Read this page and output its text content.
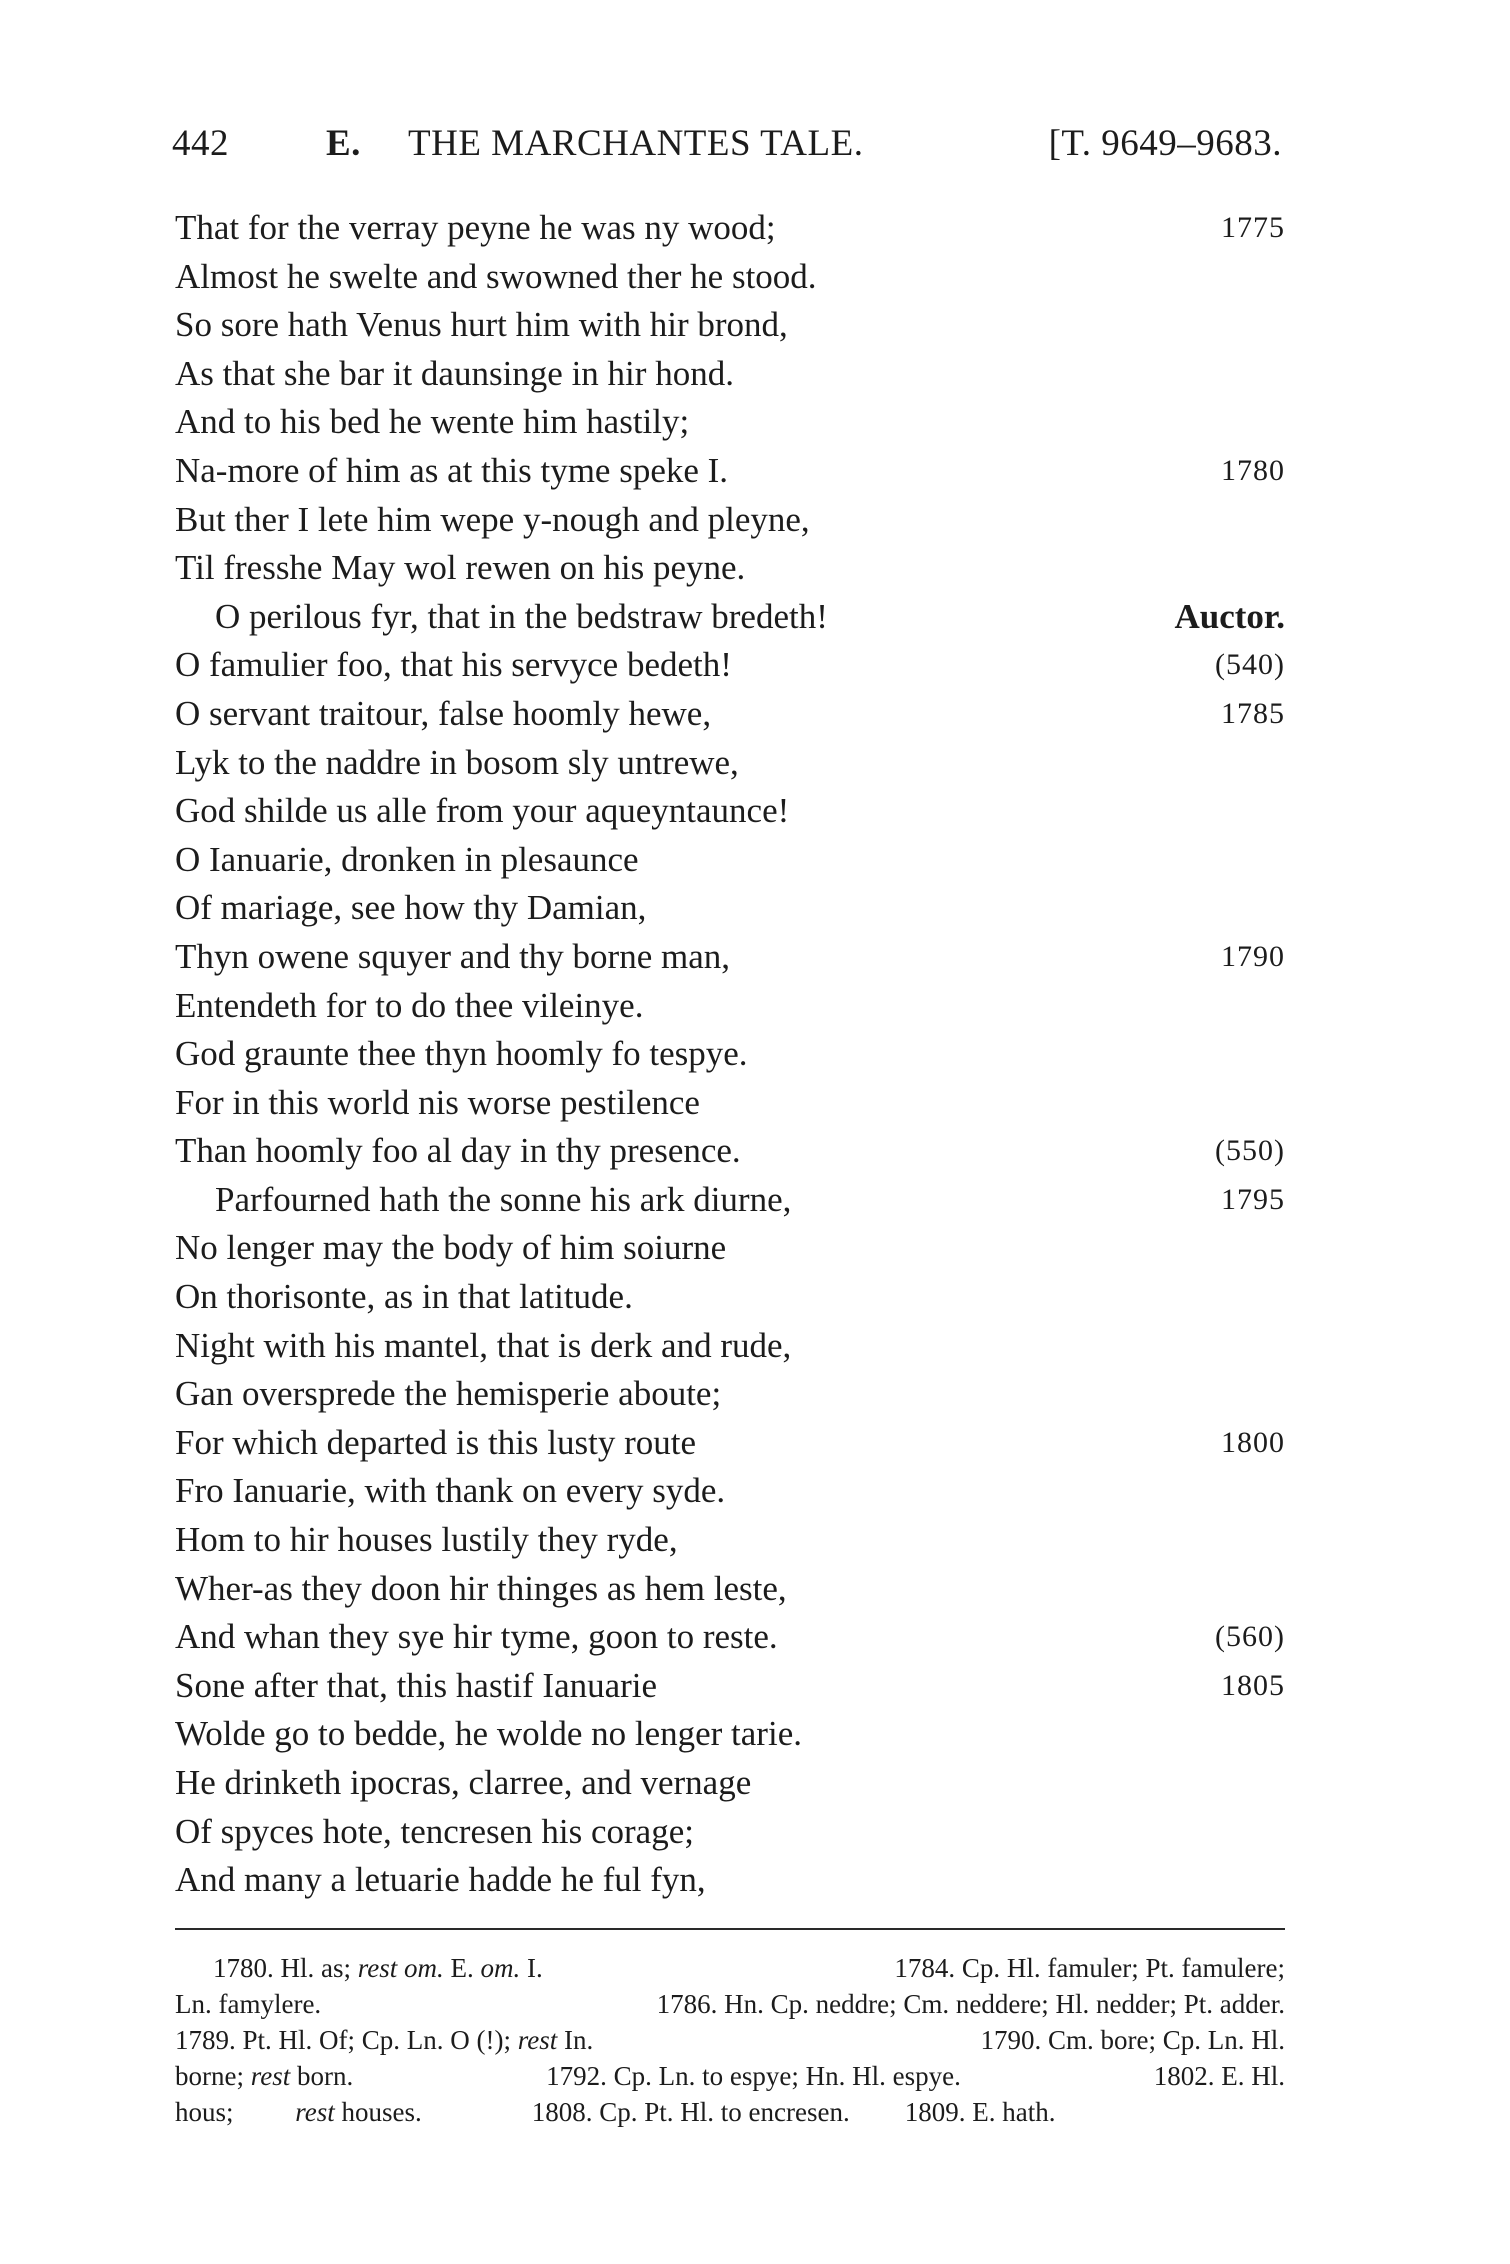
442	E. THE MARCHANTES TALE.	[T. 9649–9683.
That for the verray peyne he was ny wood;	1775
Almost he swelte and swowned ther he stood.
So sore hath Venus hurt him with hir brond,
As that she bar it daunsinge in hir hond.
And to his bed he wente him hastily;
Na-more of him as at this tyme speke I.	1780
But ther I lete him wepe y-nough and pleyne,
Til fresshe May wol rewen on his peyne.
O perilous fyr, that in the bedstraw bredeth!	Auctor.
O famulier foo, that his servyce bedeth!	(540)
O servant traitour, false hoomly hewe,	1785
Lyk to the naddre in bosom sly untrewe,
God shilde us alle from your aqueyntaunce!
O Ianuarie, dronken in plesaunce
Of mariage, see how thy Damian,
Thyn owene squyer and thy borne man,	1790
Entendeth for to do thee vileinye.
God graunte thee thyn hoomly fo tespye.
For in this world nis worse pestilence
Than hoomly foo al day in thy presence.	(550)
Parfourned hath the sonne his ark diurne,	1795
No lenger may the body of him soiurne
On thorisonte, as in that latitude.
Night with his mantel, that is derk and rude,
Gan oversprede the hemisperie aboute;
For which departed is this lusty route	1800
Fro Ianuarie, with thank on every syde.
Hom to hir houses lustily they ryde,
Wher-as they doon hir thinges as hem leste,
And whan they sye hir tyme, goon to reste.	(560)
Sone after that, this hastif Ianuarie	1805
Wolde go to bedde, he wolde no lenger tarie.
He drinketh ipocras, clarree, and vernage
Of spyces hote, tencresen his corage;
And many a letuarie hadde he ful fyn,
1780. Hl. as; rest om. E. om. I.	1784. Cp. Hl. famuler; Pt. famulere;
Ln. famylere.	1786. Hn. Cp. neddre; Cm. neddere; Hl. nedder; Pt. adder.
1789. Pt. Hl. Of; Cp. Ln. O (!); rest In.	1790. Cm. bore; Cp. Ln. Hl.
borne; rest born.	1792. Cp. Ln. to espye; Hn. Hl. espye.	1802. E. Hl.
hous; rest houses.	1808. Cp. Pt. Hl. to encresen. 1809. E. hath.
